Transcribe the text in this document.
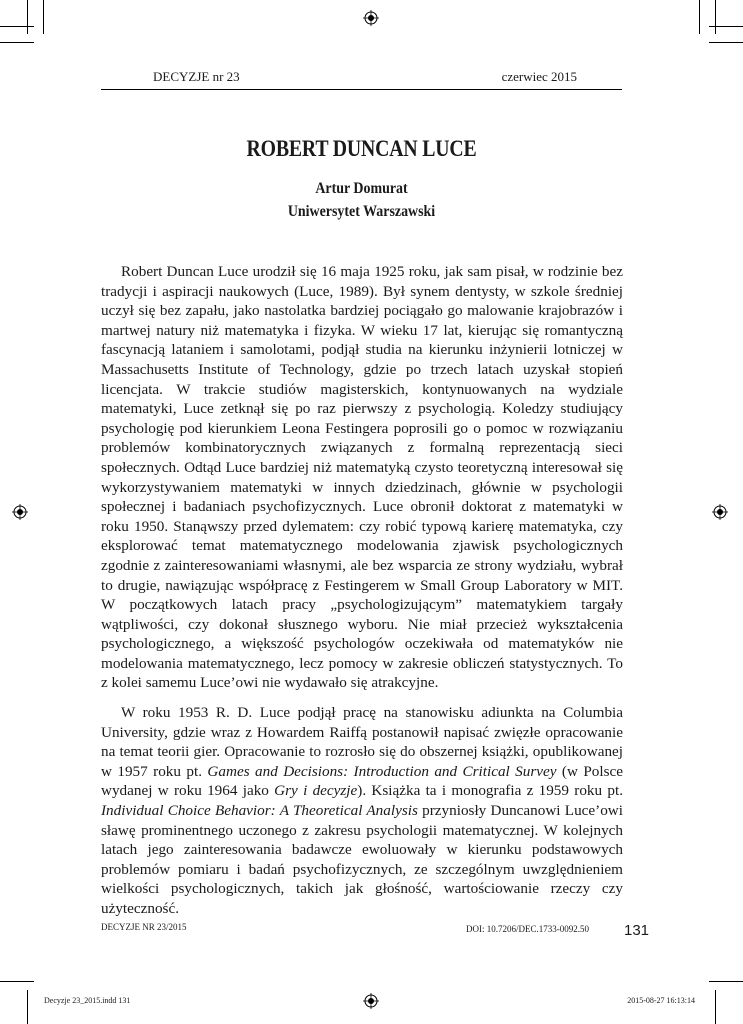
DECYZJE nr 23	czerwiec 2015
ROBERT DUNCAN LUCE
Artur Domurat
Uniwersytet Warszawski

Robert Duncan Luce urodził się 16 maja 1925 roku, jak sam pisał, w rodzinie bez tradycji i aspiracji naukowych (Luce, 1989). Był synem dentysty, w szkole średniej uczył się bez zapału, jako nastolatka bardziej pociągało go malowanie krajobrazów i martwej natury niż matematyka i fizyka. W wieku 17 lat, kierując się romantyczną fascynacją lataniem i samolotami, podjął studia na kierunku inżynierii lotniczej w Massachusetts Institute of Technology, gdzie po trzech latach uzyskał stopień licencjata. W trakcie studiów magisterskich, kontynuowanych na wydziale matematyki, Luce zetknął się po raz pierwszy z psychologią. Koledzy studiujący psychologię pod kierunkiem Leona Festingera poprosili go o pomoc w rozwiązaniu problemów kombinatorycznych związanych z formalną reprezentacją sieci społecznych. Odtąd Luce bardziej niż matematyką czysto teoretyczną interesował się wykorzystywaniem matematyki w innych dziedzinach, głównie w psychologii społecznej i badaniach psychofizycznych. Luce obronił doktorat z matematyki w roku 1950. Stanąwszy przed dylematem: czy robić typową karierę matematyka, czy eksplorować temat matematycznego modelowania zjawisk psychologicznych zgodnie z zainteresowaniami własnymi, ale bez wsparcia ze strony wydziału, wybrał to drugie, nawiązując współpracę z Festingerem w Small Group Laboratory w MIT. W początkowych latach pracy „psychologizującym” matematykiem targały wątpliwości, czy dokonał słusznego wyboru. Nie miał przecież wykształcenia psychologicznego, a większość psychologów oczekiwała od matematyków nie modelowania matematycznego, lecz pomocy w zakresie obliczeń statystycznych. To z kolei samemu Luce’owi nie wydawało się atrakcyjne.

W roku 1953 R. D. Luce podjął pracę na stanowisku adiunkta na Columbia University, gdzie wraz z Howardem Raiffą postanowił napisać zwięzłe opracowanie na temat teorii gier. Opracowanie to rozrosło się do obszernej książki, opublikowanej w 1957 roku pt. Games and Decisions: Introduction and Critical Survey (w Polsce wydanej w roku 1964 jako Gry i decyzje). Książka ta i monografia z 1959 roku pt. Individual Choice Behavior: A Theoretical Analysis przyniosły Duncanowi Luce’owi sławę prominentnego uczonego z zakresu psychologii matematycznej. W kolejnych latach jego zainteresowania badawcze ewoluowały w kierunku podstawowych problemów pomiaru i badań psychofizycznych, ze szczególnym uwzględnieniem wielkości psychologicznych, takich jak głośność, wartościowanie rzeczy czy użyteczność.

DECYZJE NR 23/2015	DOI: 10.7206/DEC.1733-0092.50 131
Decyzje 23_2015.indd 131	2015-08-27 16:13:14
